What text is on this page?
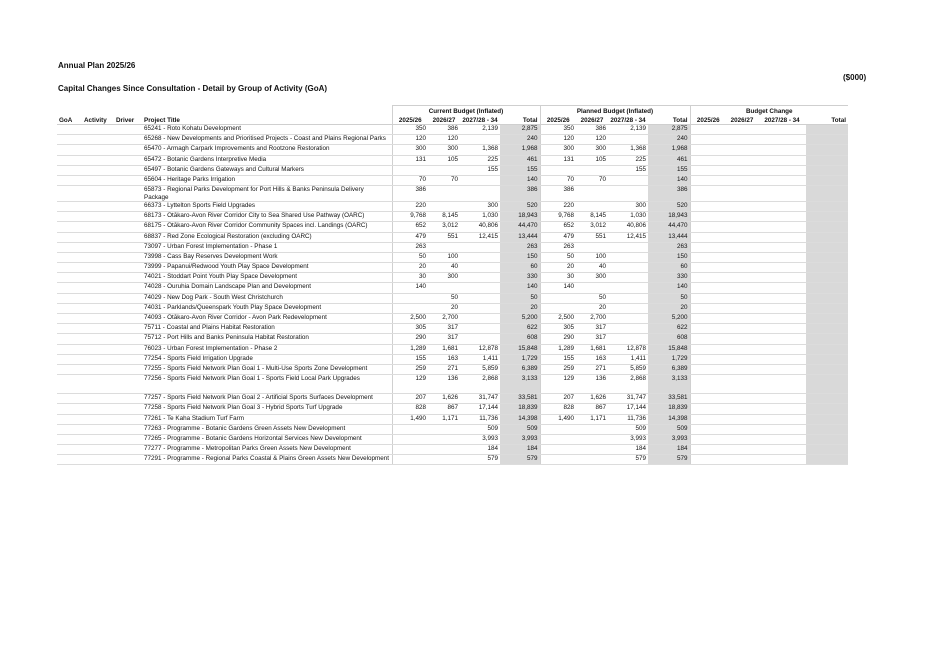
Annual Plan 2025/26
($000)
Capital Changes Since Consultation - Detail by Group of Activity (GoA)
				Current Budget (Inflated)				Planned Budget (Inflated)				Budget Change			
GoA	Activity	Driver	Project Title	2025/26	2026/27	2027/28 - 34	Total	2025/26	2026/27	2027/28 - 34	Total	2025/26	2026/27	2027/28 - 34	Total
			65241 - Roto Kohatu Development	350	386	2,139	2,875	350	386	2,139	2,875				
			65268 - New Developments and Prioritised Projects - Coast and Plains Regional Parks	120	120		240	120	120		240				
			65470 - Armagh Carpark Improvements and Rootzone Restoration	300	300	1,368	1,968	300	300	1,368	1,968				
			65472 - Botanic Gardens Interpretive Media	131	105	225	461	131	105	225	461				
			65497 - Botanic Gardens Gateways and Cultural Markers			155	155			155	155				
			65604 - Heritage Parks Irrigation	70	70		140	70	70		140				
			65873 - Regional Parks Development for Port Hills & Banks Peninsula Delivery Package	386			386	386			386				
			66373 - Lyttelton Sports Field Upgrades	220		300	520	220		300	520				
			68173 - Ōtākaro-Avon River Corridor City to Sea Shared Use Pathway (OARC)	9,768	8,145	1,030	18,943	9,768	8,145	1,030	18,943				
			68175 - Ōtākaro-Avon River Corridor Community Spaces incl. Landings (OARC)	652	3,012	40,806	44,470	652	3,012	40,806	44,470				
			68837 - Red Zone Ecological Restoration (excluding OARC)	479	551	12,415	13,444	479	551	12,415	13,444				
			73097 - Urban Forest Implementation - Phase 1	263			263	263			263				
			73998 - Cass Bay Reserves Development Work	50	100		150	50	100		150				
			73999 - Papanui/Redwood Youth Play Space Development	20	40		60	20	40		60				
			74021 - Stoddart Point Youth Play Space Development	30	300		330	30	300		330				
			74028 - Ouruhia Domain Landscape Plan and Development	140			140	140			140				
			74029 - New Dog Park - South West Christchurch		50		50		50		50				
			74031 - Parklands/Queenspark Youth Play Space Development		20		20		20		20				
			74093 - Ōtākaro-Avon River Corridor - Avon Park Redevelopment	2,500	2,700		5,200	2,500	2,700		5,200				
			75711 - Coastal and Plains Habitat Restoration	305	317		622	305	317		622				
			75712 - Port Hills and Banks Peninsula Habitat Restoration	290	317		608	290	317		608				
			76023 - Urban Forest Implementation - Phase 2	1,289	1,681	12,878	15,848	1,289	1,681	12,878	15,848				
			77254 - Sports Field Irrigation Upgrade	155	163	1,411	1,729	155	163	1,411	1,729				
			77255 - Sports Field Network Plan Goal 1 - Multi-Use Sports Zone Development	259	271	5,859	6,389	259	271	5,859	6,389				
			77256 - Sports Field Network Plan Goal 1 - Sports Field Local Park Upgrades	129	136	2,868	3,133	129	136	2,868	3,133				
			77257 - Sports Field Network Plan Goal 2 - Artificial Sports Surfaces Development	207	1,626	31,747	33,581	207	1,626	31,747	33,581				
			77258 - Sports Field Network Plan Goal 3 - Hybrid Sports Turf Upgrade	828	867	17,144	18,839	828	867	17,144	18,839				
			77261 - Te Kaha Stadium Turf Farm	1,490	1,171	11,736	14,398	1,490	1,171	11,736	14,398				
			77263 - Programme - Botanic Gardens Green Assets New Development			509	509			509	509				
			77265 - Programme - Botanic Gardens Horizontal Services New Development			3,993	3,993			3,993	3,993				
			77277 - Programme - Metropolitan Parks Green Assets New Development			184	184			184	184				
			77291 - Programme - Regional Parks Coastal & Plains Green Assets New Development			579	579			579	579				
